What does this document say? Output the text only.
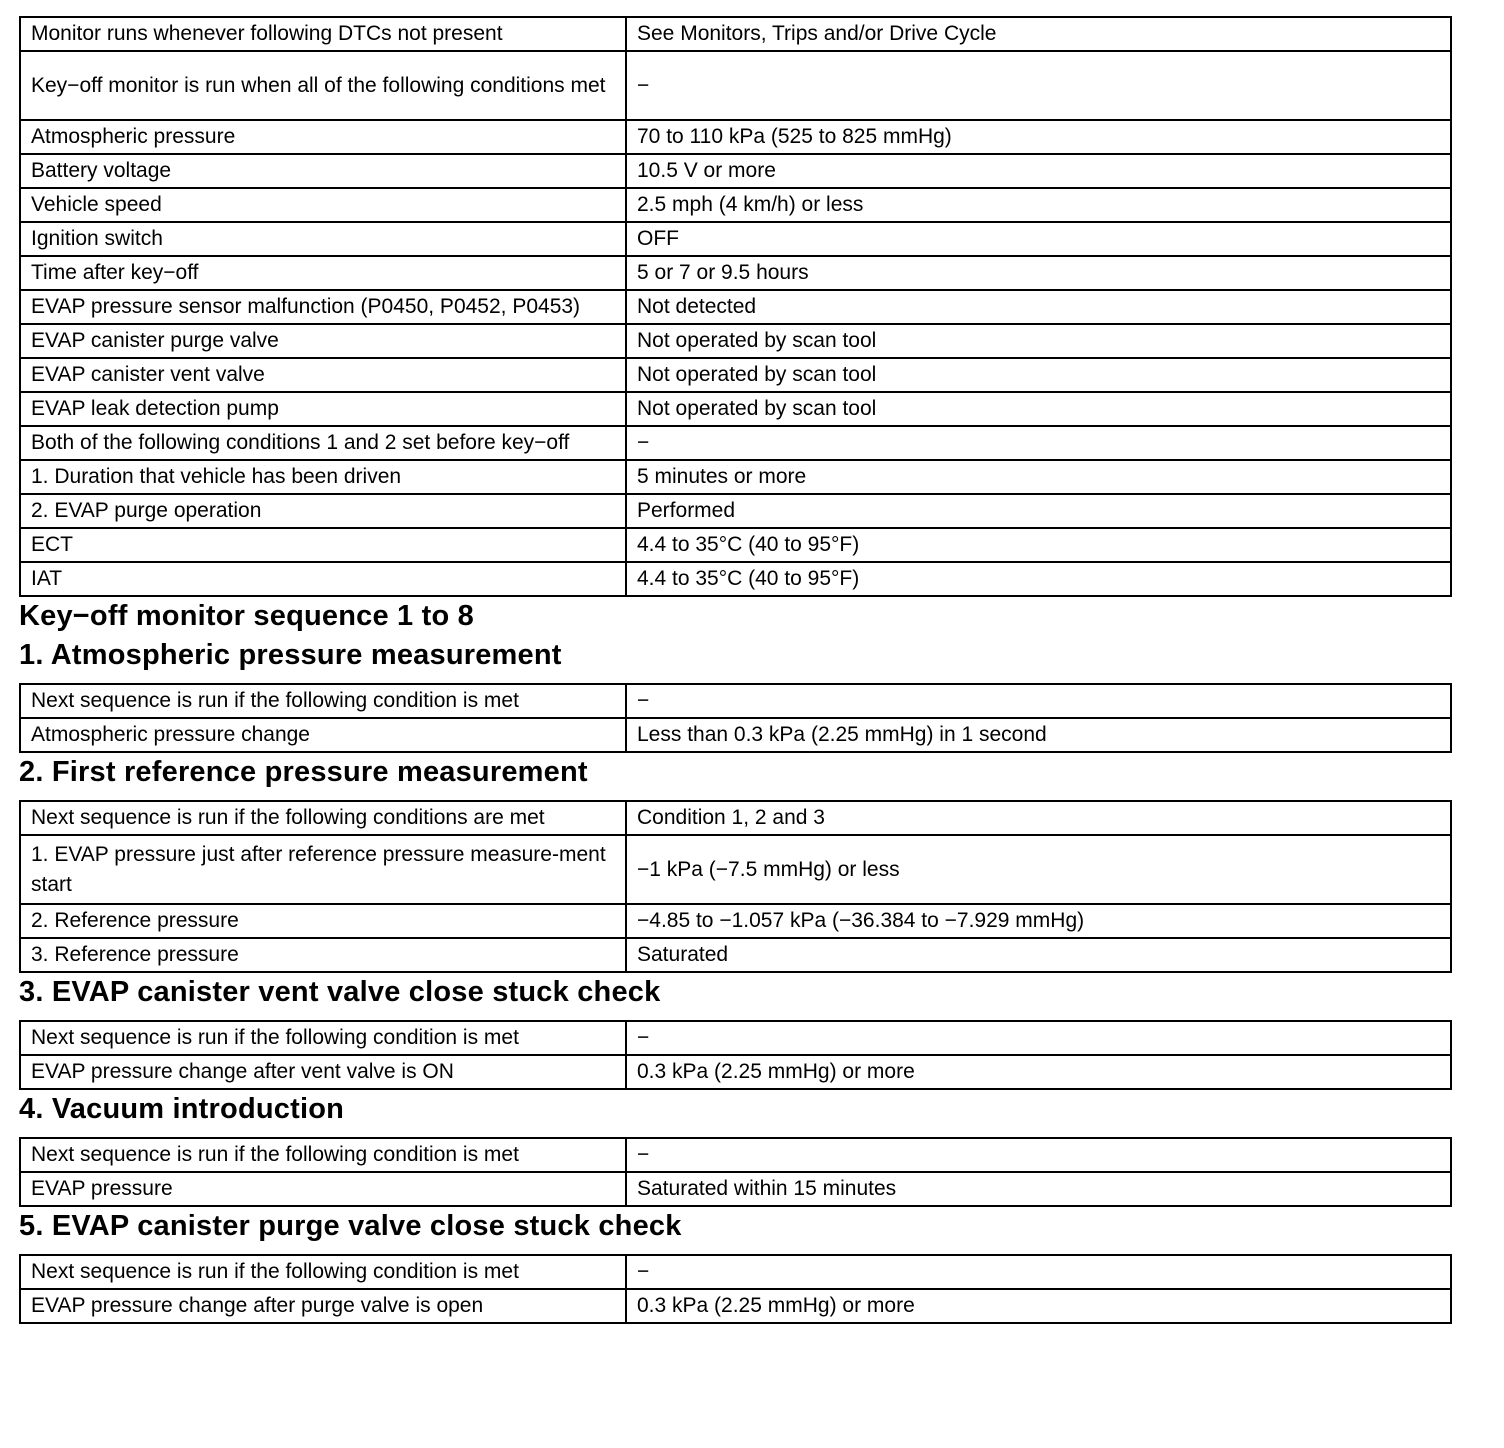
Monitor runs whenever following DTCs not present	See Monitors, Trips and/or Drive Cycle
Key−off monitor is run when all of the following conditions met	−
Atmospheric pressure	70 to 110 kPa (525 to 825 mmHg)
Battery voltage	10.5 V or more
Vehicle speed	2.5 mph (4 km/h) or less
Ignition switch	OFF
Time after key−off	5 or 7 or 9.5 hours
EVAP pressure sensor malfunction (P0450, P0452, P0453)	Not detected
EVAP canister purge valve	Not operated by scan tool
EVAP canister vent valve	Not operated by scan tool
EVAP leak detection pump	Not operated by scan tool
Both of the following conditions 1 and 2 set before key−off	−
1. Duration that vehicle has been driven	5 minutes or more
2. EVAP purge operation	Performed
ECT	4.4 to 35°C (40 to 95°F)
IAT	4.4 to 35°C (40 to 95°F)
Key−off monitor sequence 1 to 8
1. Atmospheric pressure measurement
Next sequence is run if the following condition is met	−
Atmospheric pressure change	Less than 0.3 kPa (2.25 mmHg) in 1 second
2. First reference pressure measurement
Next sequence is run if the following conditions are met	Condition 1, 2 and 3
1. EVAP pressure just after reference pressure measure-ment start	−1 kPa (−7.5 mmHg) or less
2. Reference pressure	−4.85 to −1.057 kPa (−36.384 to −7.929 mmHg)
3. Reference pressure	Saturated
3. EVAP canister vent valve close stuck check
Next sequence is run if the following condition is met	−
EVAP pressure change after vent valve is ON	0.3 kPa (2.25 mmHg) or more
4. Vacuum introduction
Next sequence is run if the following condition is met	−
EVAP pressure	Saturated within 15 minutes
5. EVAP canister purge valve close stuck check
Next sequence is run if the following condition is met	−
EVAP pressure change after purge valve is open	0.3 kPa (2.25 mmHg) or more
